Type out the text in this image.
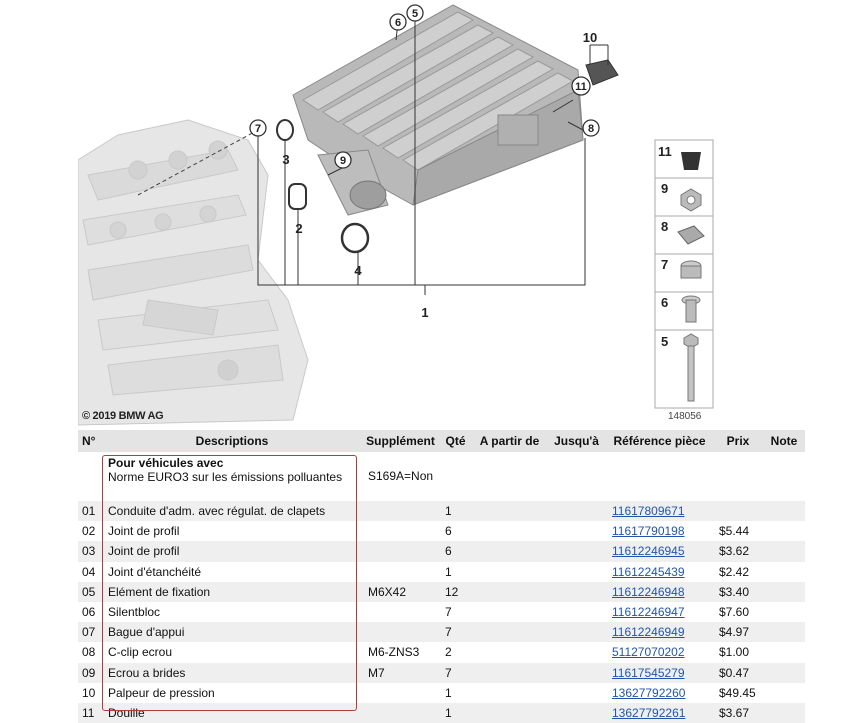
5
6
7	8
9
11
10
3
2
4
1
11
9
8
7
6
5
© 2019 BMW AG	148056
N°	Descriptions	Supplément	Qté	A partir de	Jusqu'à	Référence pièce	Prix	Note
	Pour véhicules avec
Norme EURO3 sur les émissions polluantes	S169A=Non						
01	Conduite d'adm. avec régulat. de clapets		1			11617809671		
02	Joint de profil		6			11617790198	$5.44	
03	Joint de profil		6			11612246945	$3.62	
04	Joint d'étanchéité		1			11612245439	$2.42	
05	Elément de fixation	M6X42	12			11612246948	$3.40	
06	Silentbloc		7			11612246947	$7.60	
07	Bague d'appui		7			11612246949	$4.97	
08	C-clip ecrou	M6-ZNS3	2			51127070202	$1.00	
09	Ecrou a brides	M7	7			11617545279	$0.47	
10	Palpeur de pression		1			13627792260	$49.45	
11	Douille		1			13627792261	$3.67	
